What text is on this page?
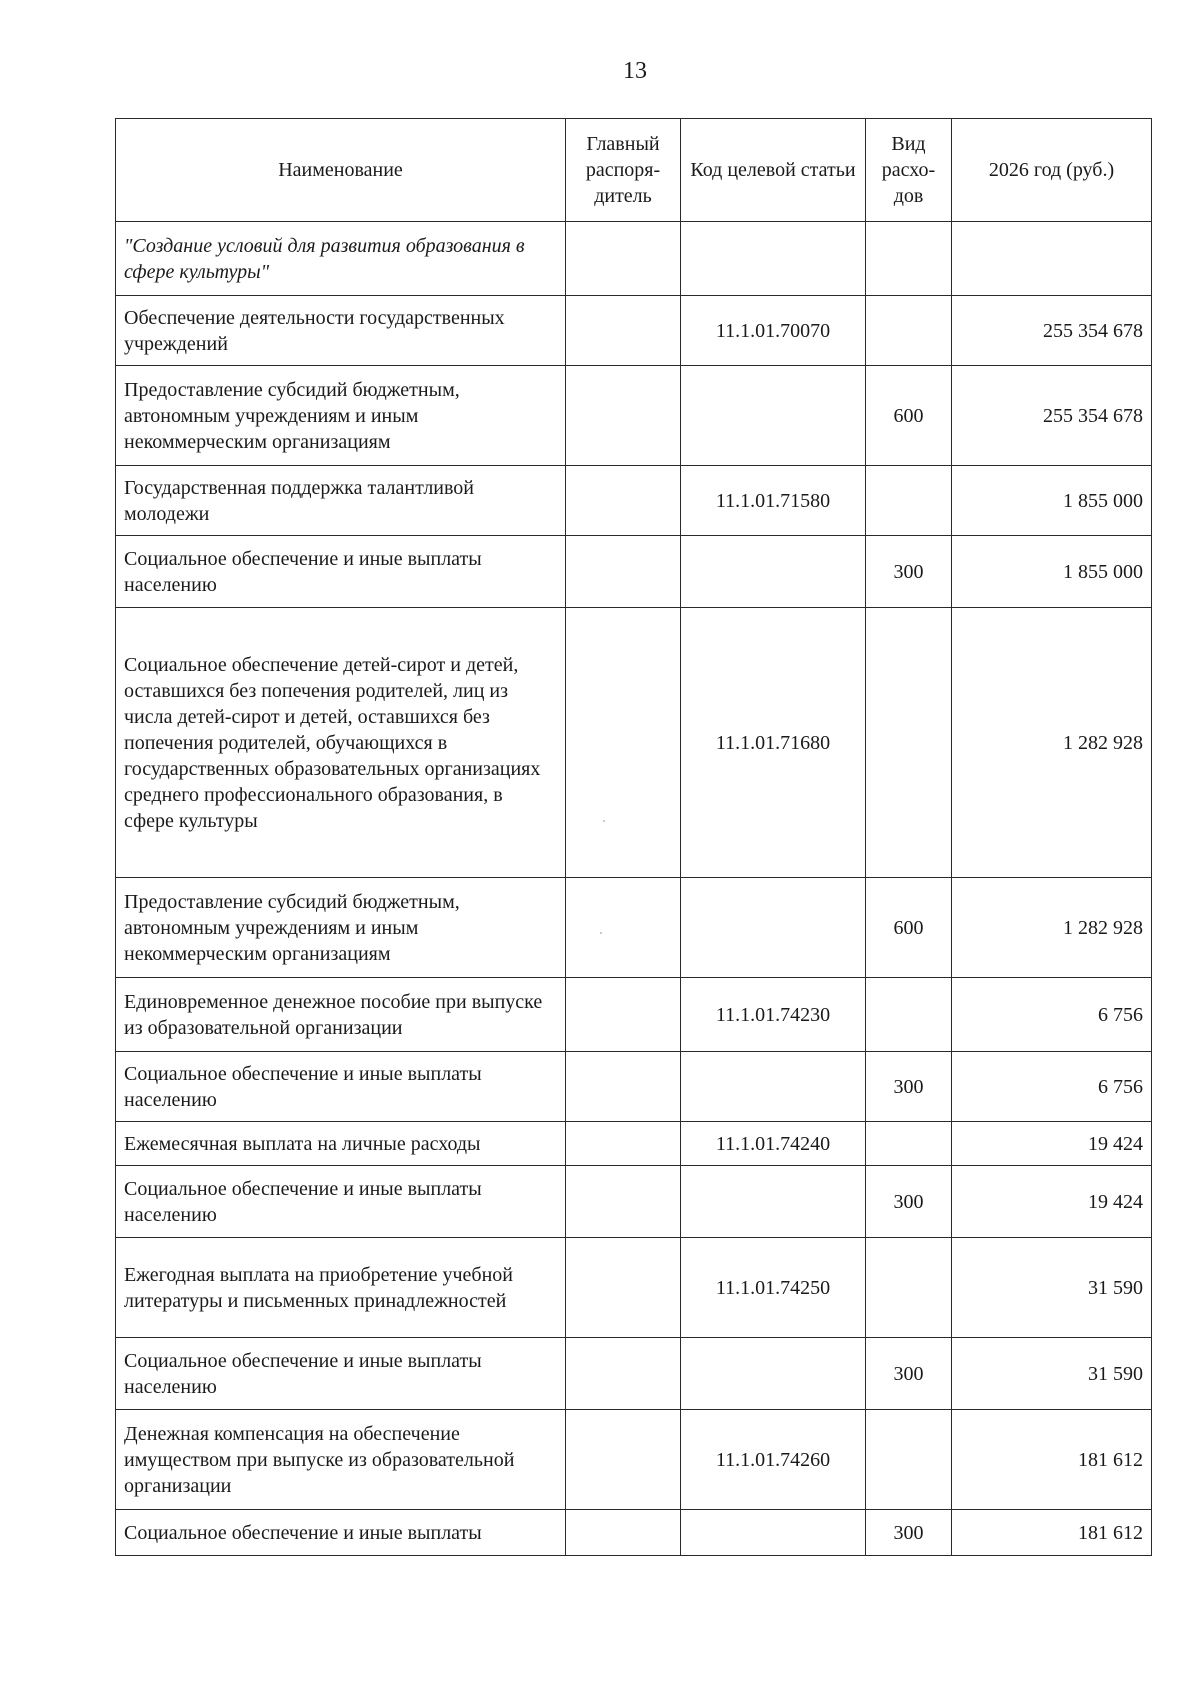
13
Наименование	Главный распоря-дитель	Код целевой статьи	Вид расхо-дов	2026 год (руб.)
"Создание условий для развития образования в сфере культуры"				
Обеспечение деятельности государственных учреждений		11.1.01.70070		255 354 678
Предоставление субсидий бюджетным, автономным учреждениям и иным некоммерческим организациям			600	255 354 678
Государственная поддержка талантливой молодежи		11.1.01.71580		1 855 000
Социальное обеспечение и иные выплаты населению			300	1 855 000
Социальное обеспечение детей-сирот и детей, оставшихся без попечения родителей, лиц из числа детей-сирот и детей, оставшихся без попечения родителей, обучающихся в государственных образовательных организациях среднего профессионального образования, в сфере культуры		11.1.01.71680		1 282 928
Предоставление субсидий бюджетным, автономным учреждениям и иным некоммерческим организациям			600	1 282 928
Единовременное денежное пособие при выпуске из образовательной организации		11.1.01.74230		6 756
Социальное обеспечение и иные выплаты населению			300	6 756
Ежемесячная выплата на личные расходы		11.1.01.74240		19 424
Социальное обеспечение и иные выплаты населению			300	19 424
Ежегодная выплата на приобретение учебной литературы и письменных принадлежностей		11.1.01.74250		31 590
Социальное обеспечение и иные выплаты населению			300	31 590
Денежная компенсация на обеспечение имуществом при выпуске из образовательной организации		11.1.01.74260		181 612
Социальное обеспечение и иные выплаты			300	181 612
